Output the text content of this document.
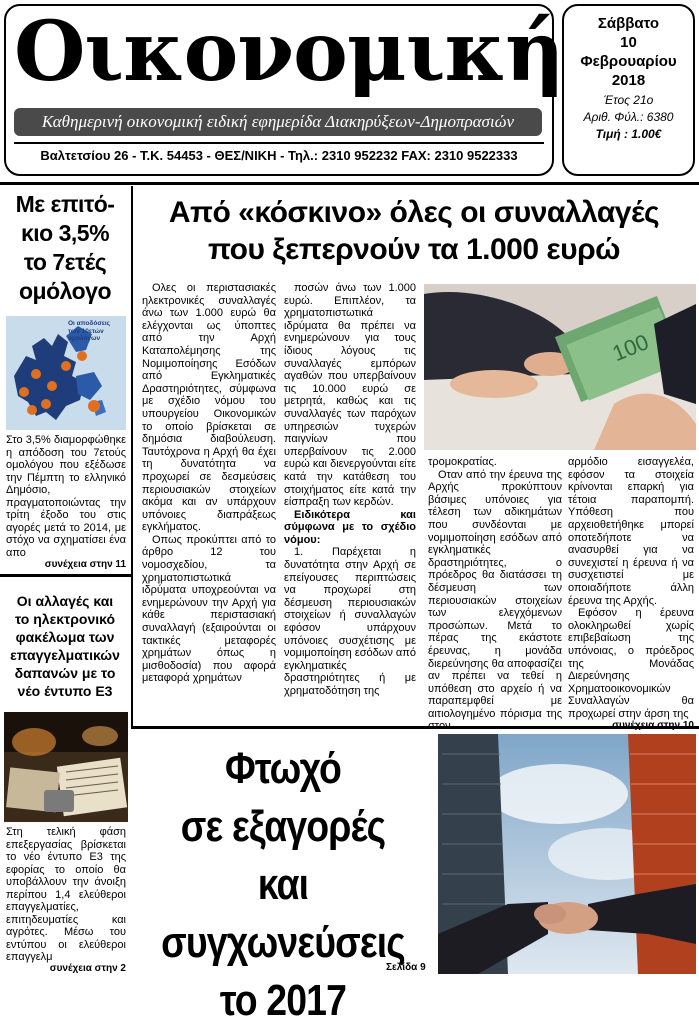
Οικονομική
Καθημερινή οικονομική ειδική εφημερίδα Διακηρύξεων-Δημοπρασιών
Βαλτετσίου 26 - Τ.Κ. 54453 - ΘΕΣ/ΝΙΚΗ - Τηλ.: 2310 952232 FAX: 2310 9522333
Σάββατο
10
Φεβρουαρίου
2018
Έτος 21ο
Αριθ. Φύλ.: 6380
Τιμή : 1.00€
Με επιτό-
κιο 3,5%
το 7ετές
ομόλογο
Οι αποδόσεις
των 10ετών
ομολόγων
Στο 3,5% διαμορφώθηκε η απόδοση του 7ετούς ομολόγου που εξέδωσε την Πέμπτη το ελληνικό Δημόσιο, πραγματοποιώντας την τρίτη έξοδο του στις αγορές μετά το 2014, με στόχο να σχηματίσει ένα απο
συνέχεια στην 11
Οι αλλαγές και
το ηλεκτρονικό
φακέλωμα των
επαγγελματικών
δαπανών με το
νέο έντυπο Ε3
Στη τελική φάση επεξεργασίας βρίσκεται το νέο έντυπο Ε3 της εφορίας το οποίο θα υποβάλλουν την άνοιξη περίπου 1,4 ελεύθεροι επαγγελματίες, επιτηδευματίες και αγρότες. Μέσω του εντύπου οι ελεύθεροι επαγγελμ
συνέχεια στην 2
Από «κόσκινο» όλες οι συναλλαγές
που ξεπερνούν τα 1.000 ευρώ

Ολες οι περιστασιακές ηλεκτρονικές συναλλαγές άνω των 1.000 ευρώ θα ελέγχονται ως ύποπτες από την Αρχή Καταπολέμησης της Νομιμοποίησης Εσόδων από Εγκληματικές Δραστηριότητες, σύμφωνα με σχέδιο νόμου του υπουργείου Οικονομικών το οποίο βρίσκεται σε δημόσια διαβούλευση. Ταυτόχρονα η Αρχή θα έχει τη δυνατότητα να προχωρεί σε δεσμεύσεις περιουσιακών στοιχείων ακόμα και αν υπάρχουν υπόνοιες διαπράξεως εγκλήματος.

Οπως προκύπτει από το άρθρο 12 του νομοσχεδίου, τα χρηματοπιστωτικά ιδρύματα υποχρεούνται να ενημερώνουν την Αρχή για κάθε περιστασιακή συναλλαγή (εξαιρούνται οι τακτικές μεταφορές χρημάτων όπως η μισθοδοσία) που αφορά μεταφορά χρημάτων

ποσών άνω των 1.000 ευρώ. Επιπλέον, τα χρηματοπιστωτικά ιδρύματα θα πρέπει να ενημερώνουν για τους ίδιους λόγους τις συναλλαγές εμπόρων αγαθών που υπερβαίνουν τις 10.000 ευρώ σε μετρητά, καθώς και τις συναλλαγές των παρόχων υπηρεσιών τυχερών παιγνίων που υπερβαίνουν τις 2.000 ευρώ και διενεργούνται είτε κατά την κατάθεση του στοιχήματος είτε κατά την είσπραξη των κερδών.

Ειδικότερα και σύμφωνα με το σχέδιο νόμου:

1. Παρέχεται η δυνατότητα στην Αρχή σε επείγουσες περιπτώσεις να προχωρεί στη δέσμευση περιουσιακών στοιχείων ή συναλλαγών εφόσον υπάρχουν υπόνοιες συσχέτισης με νομιμοποίηση εσόδων από εγκληματικές δραστηριότητες ή με χρηματοδότηση της

100

τρομοκρατίας.

Οταν από την έρευνα της Αρχής προκύπτουν βάσιμες υπόνοιες για τέλεση των αδικημάτων που συνδέονται με νομιμοποίηση εσόδων από εγκληματικές δραστηριότητες, ο πρόεδρος θα διατάσσει τη δέσμευση των περιουσιακών στοιχείων των ελεγχόμενων προσώπων. Μετά το πέρας της εκάστοτε έρευνας, η μονάδα διερεύνησης θα αποφασίζει αν πρέπει να τεθεί η υπόθεση στο αρχείο ή να παραπεμφθεί με αιτιολογημένο πόρισμα της

αρμόδιο εισαγγελέα, εφόσον τα στοιχεία κρίνονται επαρκή για τέτοια παραπομπή. Υπόθεση που αρχειοθετήθηκε μπορεί οποτεδήποτε να ανασυρθεί για να συνεχιστεί η έρευνα ή να συσχετιστεί με οποιαδήποτε άλλη έρευνα της Αρχής.

Εφόσον η έρευνα ολοκληρωθεί χωρίς επιβεβαίωση της υπόνοιας, ο πρόεδρος της Μονάδας Διερεύνησης Χρηματοοικονομικών Συναλλαγών θα προχωρεί στην άρση της

Φτωχό
σε εξαγορές και
συγχωνεύσεις
το 2017
Σελίδα 9
